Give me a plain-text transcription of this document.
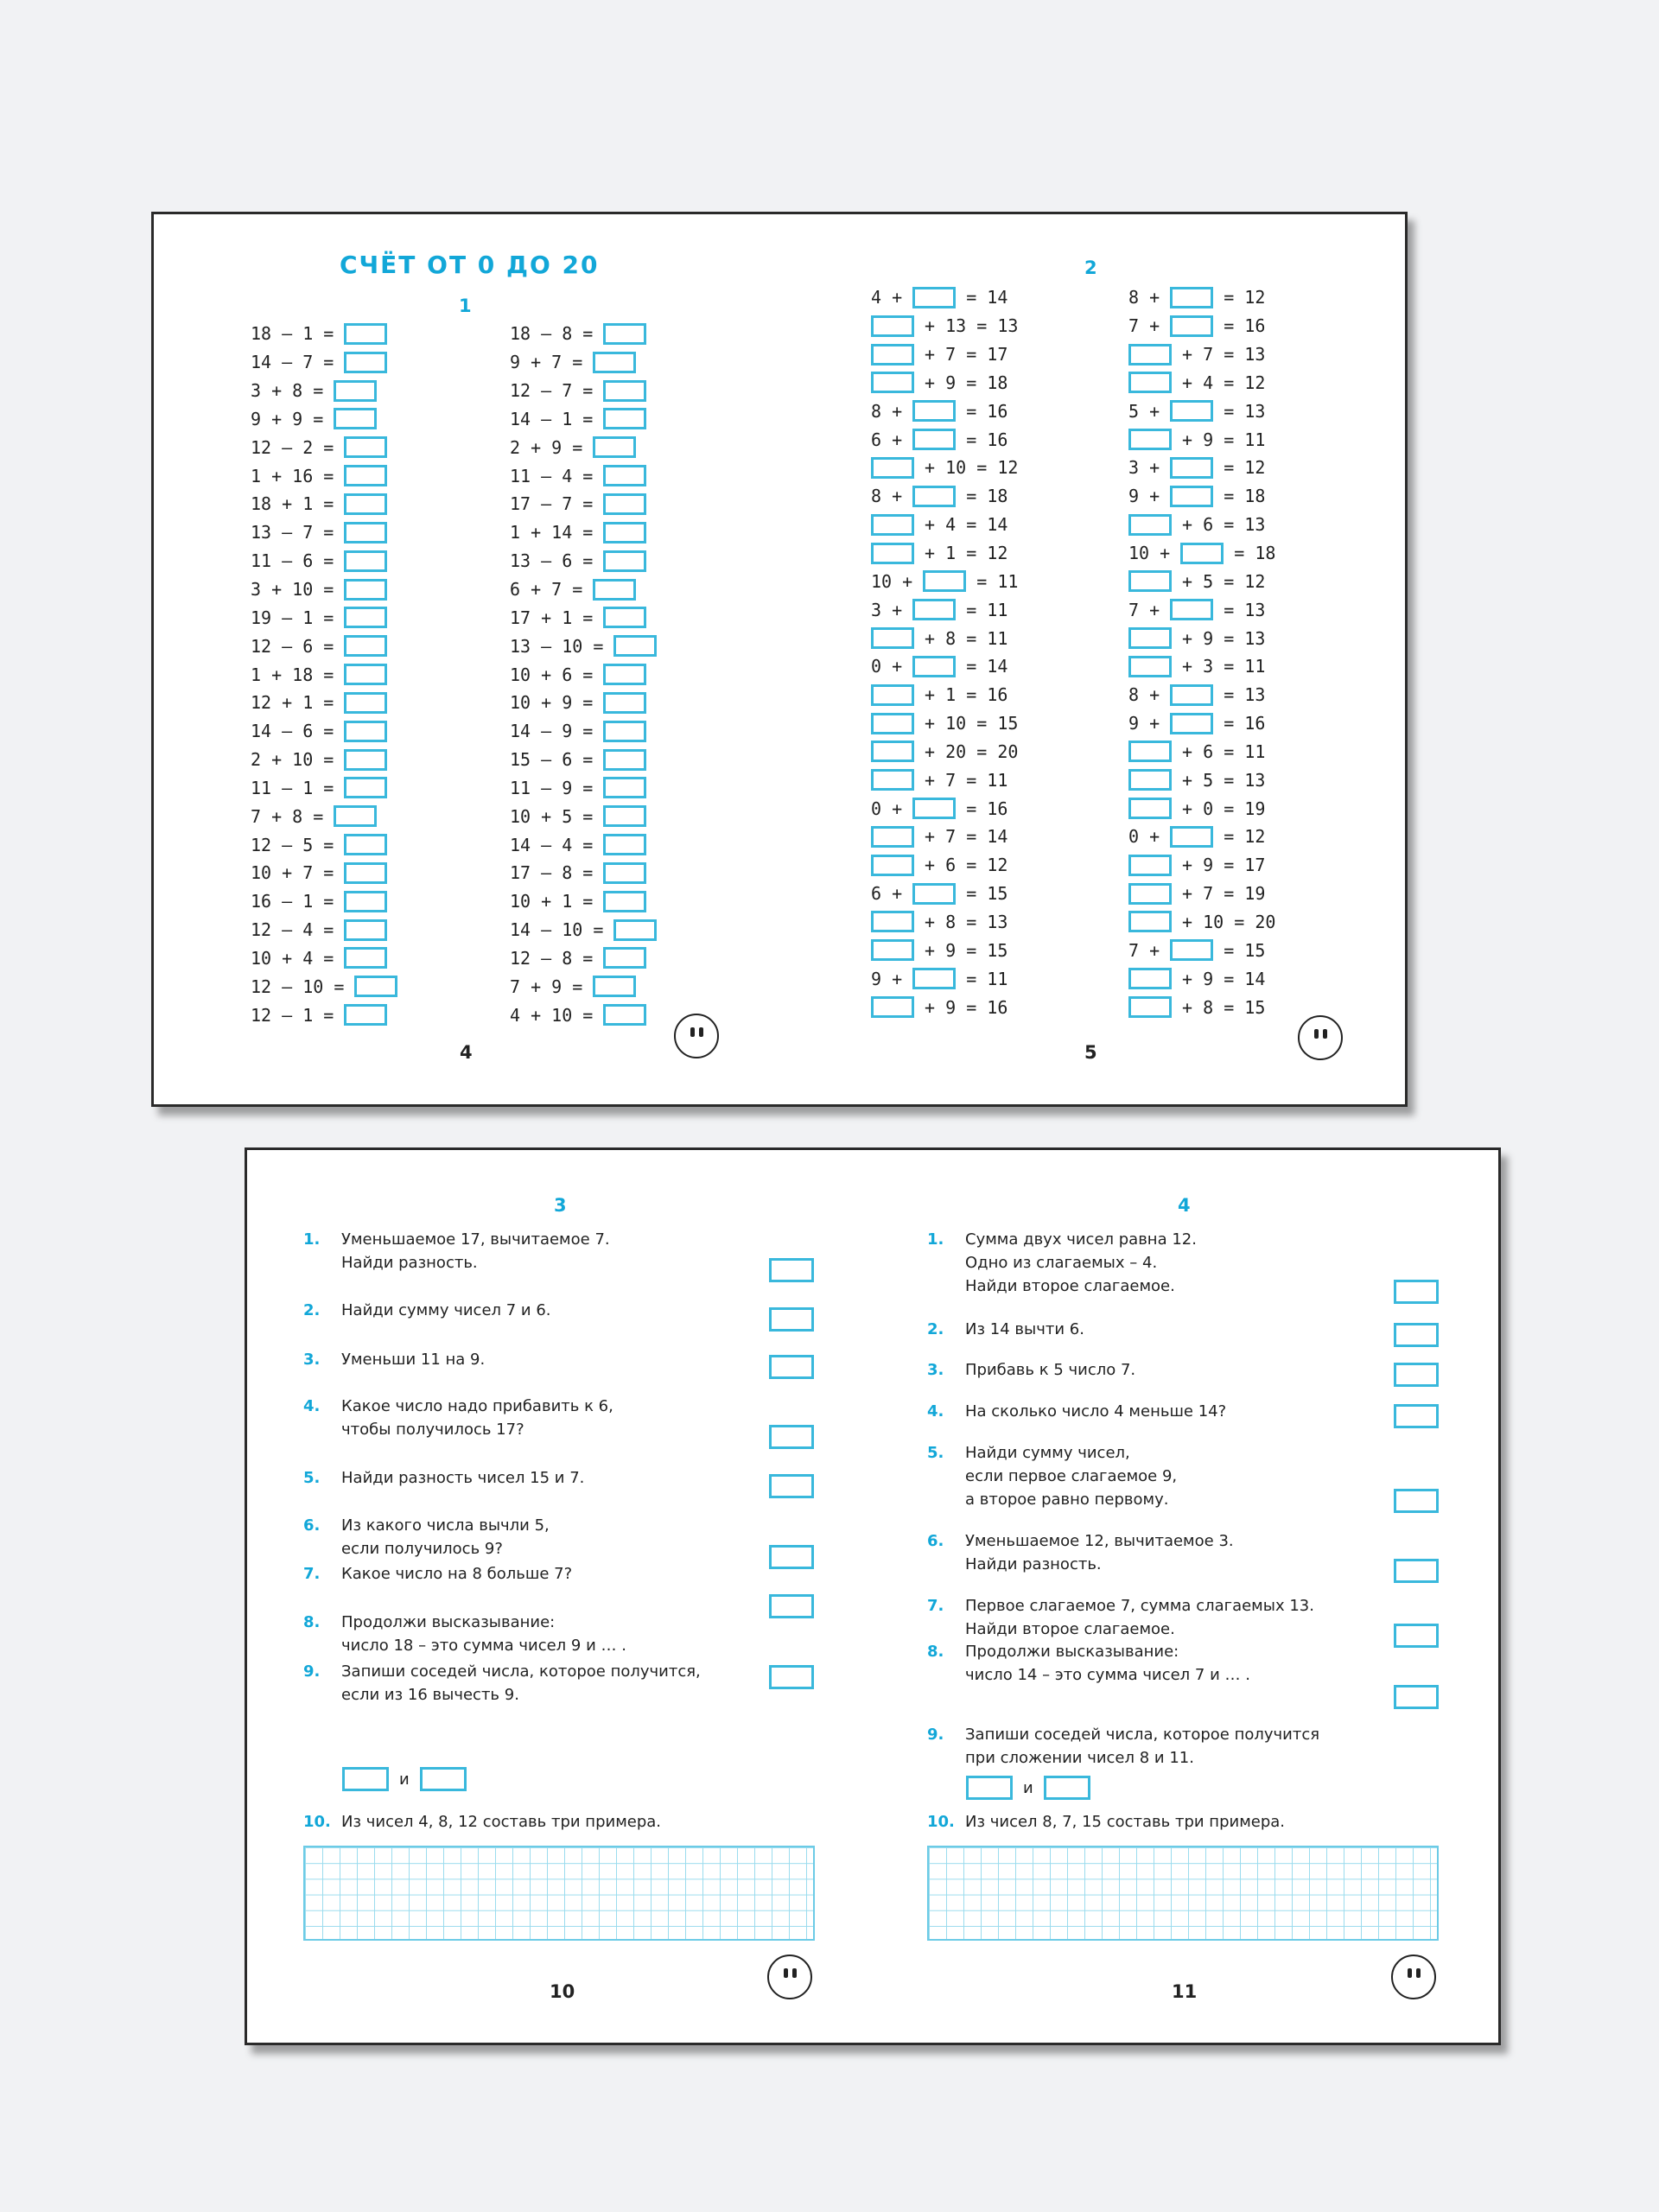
СЧЁТ ОТ 0 ДО 20
1
2
18 – 1 =
14 – 7 =
3 + 8 =
9 + 9 =
12 – 2 =
1 + 16 =
18 + 1 =
13 – 7 =
11 – 6 =
3 + 10 =
19 – 1 =
12 – 6 =
1 + 18 =
12 + 1 =
14 – 6 =
2 + 10 =
11 – 1 =
7 + 8 =
12 – 5 =
10 + 7 =
16 – 1 =
12 – 4 =
10 + 4 =
12 – 10 =
12 – 1 =
18 – 8 =
9 + 7 =
12 – 7 =
14 – 1 =
2 + 9 =
11 – 4 =
17 – 7 =
1 + 14 =
13 – 6 =
6 + 7 =
17 + 1 =
13 – 10 =
10 + 6 =
10 + 9 =
14 – 9 =
15 – 6 =
11 – 9 =
10 + 5 =
14 – 4 =
17 – 8 =
10 + 1 =
14 – 10 =
12 – 8 =
7 + 9 =
4 + 10 =
4 +	= 14
+ 13 = 13
+ 7 = 17
+ 9 = 18
8 +	= 16
6 +	= 16
+ 10 = 12
8 +	= 18
+ 4 = 14
+ 1 = 12
10 +	= 11
3 +	= 11
+ 8 = 11
0 +	= 14
+ 1 = 16
+ 10 = 15
+ 20 = 20
+ 7 = 11
0 +	= 16
+ 7 = 14
+ 6 = 12
6 +	= 15
+ 8 = 13
+ 9 = 15
9 +	= 11
+ 9 = 16
8 +	= 12
7 +	= 16
+ 7 = 13
+ 4 = 12
5 +	= 13
+ 9 = 11
3 +	= 12
9 +	= 18
+ 6 = 13
10 +	= 18
+ 5 = 12
7 +	= 13
+ 9 = 13
+ 3 = 11
8 +	= 13
9 +	= 16
+ 6 = 11
+ 5 = 13
+ 0 = 19
0 +	= 12
+ 9 = 17
+ 7 = 19
+ 10 = 20
7 +	= 15
+ 9 = 14
+ 8 = 15
4	5
3	4
1. Уменьшаемое 17, вычитаемое 7.
Найди разность.
2. Найди сумму чисел 7 и 6.
3. Уменьши 11 на 9.
4. Какое число надо прибавить к 6,
чтобы получилось 17?
5. Найди разность чисел 15 и 7.
6. Из какого числа вычли 5,
если получилось 9?
7. Какое число на 8 больше 7?
8. Продолжи высказывание:
число 18 – это сумма чисел 9 и … .
9. Запиши соседей числа, которое получится,
если из 16 вычесть 9.
10. Из чисел 4, 8, 12 составь три примера.
и
1. Сумма двух чисел равна 12.
Одно из слагаемых – 4.
Найди второе слагаемое.
2. Из 14 вычти 6.
3. Прибавь к 5 число 7.
4. На сколько число 4 меньше 14?
5. Найди сумму чисел,
если первое слагаемое 9,
а второе равно первому.
6. Уменьшаемое 12, вычитаемое 3.
Найди разность.
7. Первое слагаемое 7, сумма слагаемых 13.
Найди второе слагаемое.
8. Продолжи высказывание:
число 14 – это сумма чисел 7 и … .
9. Запиши соседей числа, которое получится
при сложении чисел 8 и 11.
10. Из чисел 8, 7, 15 составь три примера.
и
10	11
